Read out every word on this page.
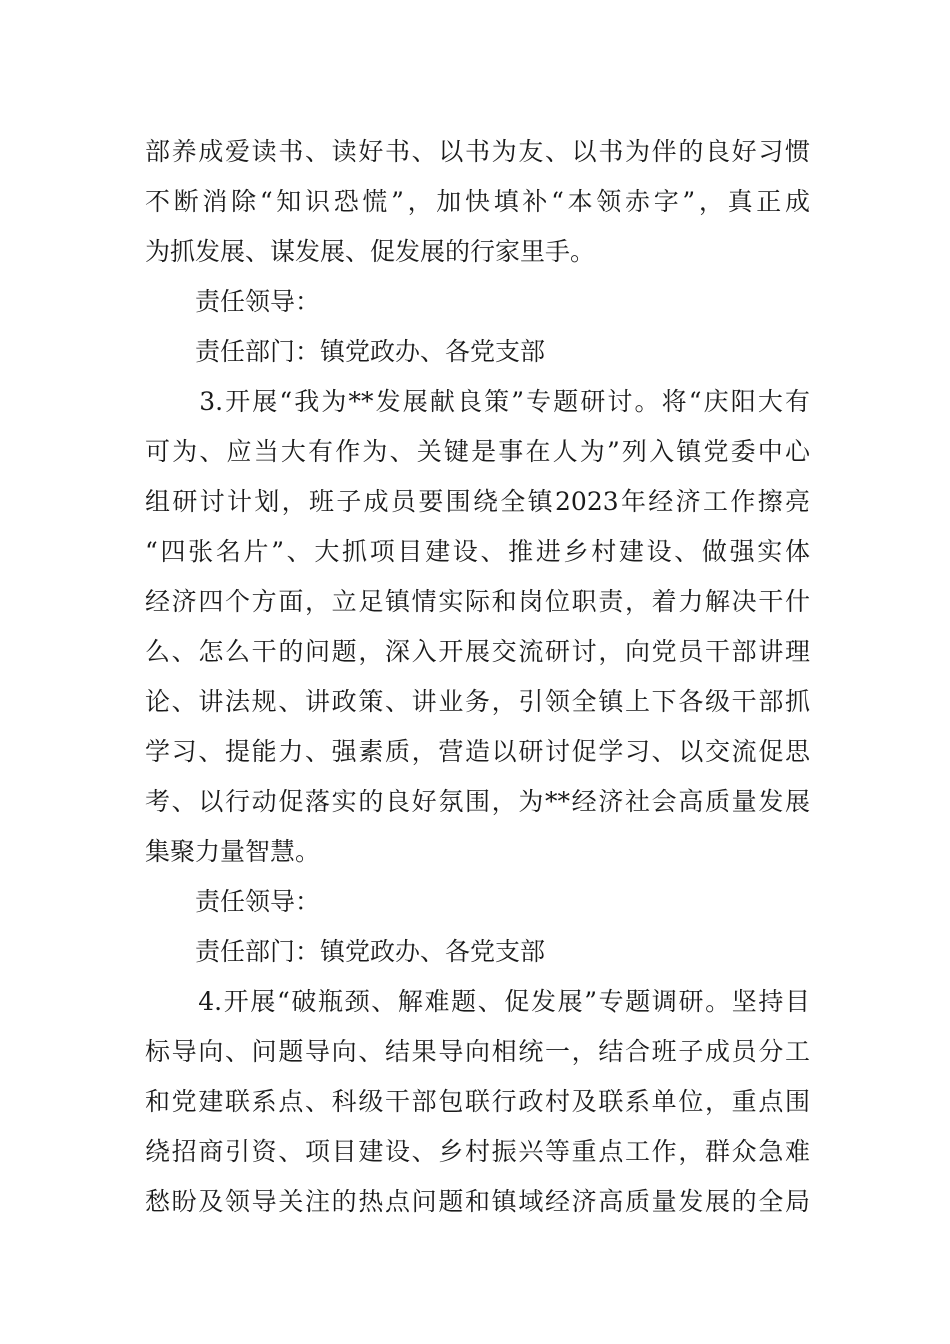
部养成爱读书、读好书、以书为友、以书为伴的良好习惯
不断消除“知识恐慌”，加快填补“本领赤字”，真正成
为抓发展、谋发展、促发展的行家里手。
　　责任领导：
　　责任部门：镇党政办、各党支部
　　3.开展“我为**发展献良策”专题研讨。将“庆阳大有
可为、应当大有作为、关键是事在人为”列入镇党委中心
组研讨计划，班子成员要围绕全镇2023年经济工作擦亮
“四张名片”、大抓项目建设、推进乡村建设、做强实体
经济四个方面，立足镇情实际和岗位职责，着力解决干什
么、怎么干的问题，深入开展交流研讨，向党员干部讲理
论、讲法规、讲政策、讲业务，引领全镇上下各级干部抓
学习、提能力、强素质，营造以研讨促学习、以交流促思
考、以行动促落实的良好氛围，为**经济社会高质量发展
集聚力量智慧。
　　责任领导：
　　责任部门：镇党政办、各党支部
　　4.开展“破瓶颈、解难题、促发展”专题调研。坚持目
标导向、问题导向、结果导向相统一，结合班子成员分工
和党建联系点、科级干部包联行政村及联系单位，重点围
绕招商引资、项目建设、乡村振兴等重点工作，群众急难
愁盼及领导关注的热点问题和镇域经济高质量发展的全局
